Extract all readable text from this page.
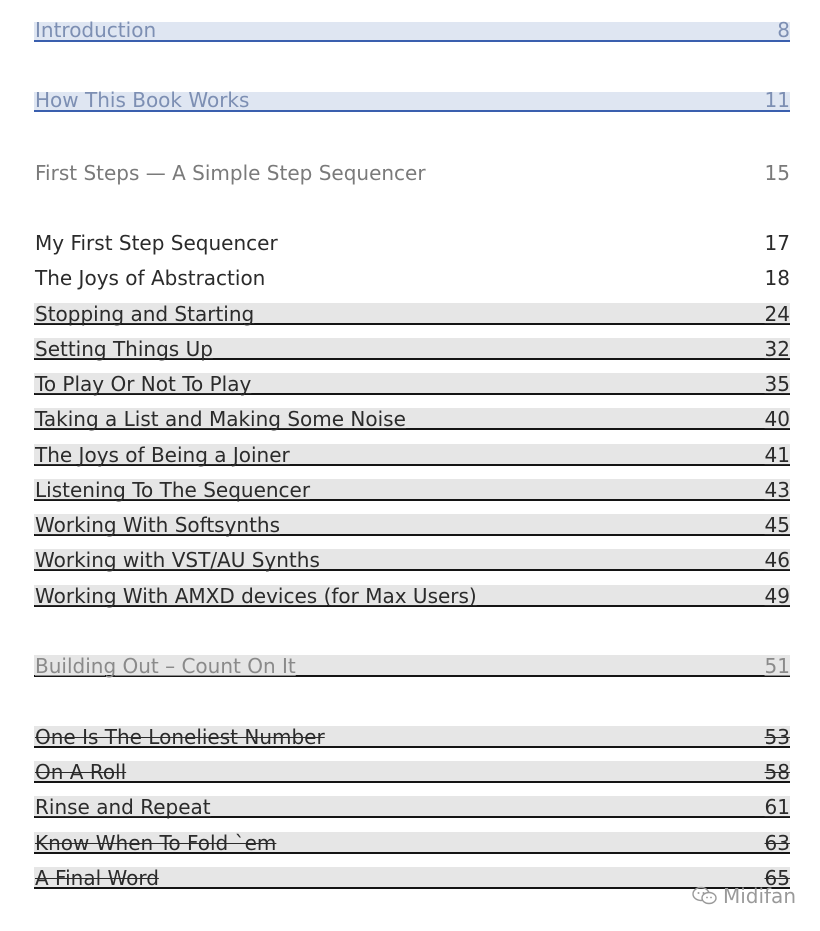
Introduction	8
How This Book Works	11
First Steps — A Simple Step Sequencer	15
My First Step Sequencer	17
The Joys of Abstraction	18
Stopping and Starting	24
Setting Things Up	32
To Play Or Not To Play	35
Taking a List and Making Some Noise	40
The Joys of Being a Joiner	41
Listening To The Sequencer	43
Working With Softsynths	45
Working with VST/AU Synths	46
Working With AMXD devices (for Max Users)	49
Building Out – Count On It	51
One Is The Loneliest Number	53
On A Roll	58
Rinse and Repeat	61
Know When To Fold `em	63
A Final Word	65
Midifan
